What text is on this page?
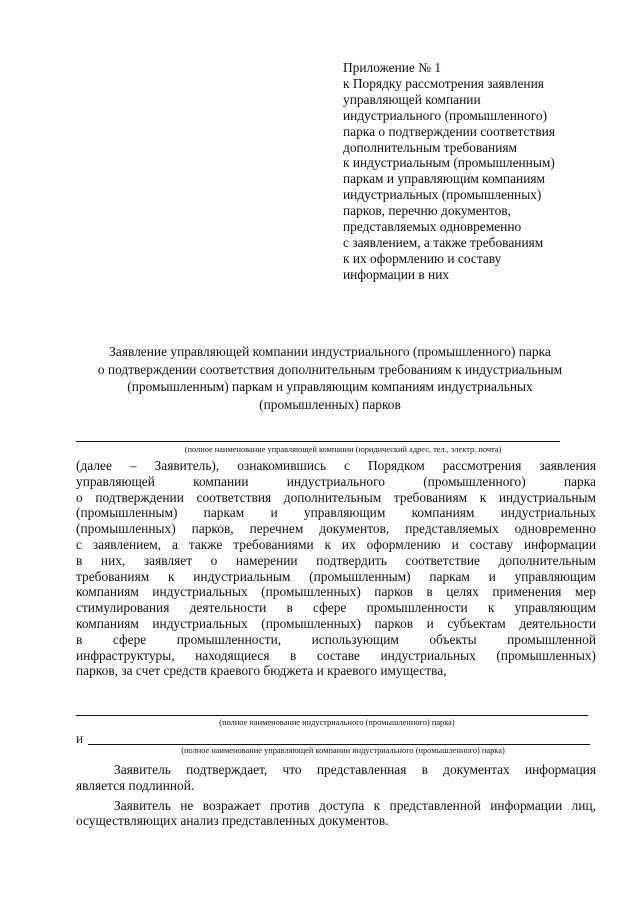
Приложение № 1
к Порядку рассмотрения заявления
управляющей компании
индустриального (промышленного)
парка о подтверждении соответствия
дополнительным требованиям
к индустриальным (промышленным)
паркам и управляющим компаниям
индустриальных (промышленных)
парков, перечню документов,
представляемых одновременно
с заявлением, а также требованиям
к их оформлению и составу
информации в них
Заявление управляющей компании индустриального (промышленного) парка
о подтверждении соответствия дополнительным требованиям к индустриальным
(промышленным) паркам и управляющим компаниям индустриальных
(промышленных) парков
(полное наименование управляющей компании (юридический адрес, тел., электр. почта)
(далее – Заявитель), ознакомившись с Порядком рассмотрения заявления
управляющей компании индустриального (промышленного) парка
о подтверждении соответствия дополнительным требованиям к индустриальным
(промышленным) паркам и управляющим компаниям индустриальных
(промышленных) парков, перечнем документов, представляемых одновременно
с заявлением, а также требованиями к их оформлению и составу информации
в них, заявляет о намерении подтвердить соответствие дополнительным
требованиям к индустриальным (промышленным) паркам и управляющим
компаниям индустриальных (промышленных) парков в целях применения мер
стимулирования деятельности в сфере промышленности к управляющим
компаниям индустриальных (промышленных) парков и субъектам деятельности
в сфере промышленности, использующим объекты промышленной
инфраструктуры, находящиеся в составе индустриальных (промышленных)
парков, за счет средств краевого бюджета и краевого имущества,
(полное наименование индустриального (промышленного) парка)
и
(полное наименование управляющей компании индустриального (промышленного) парка)
Заявитель подтверждает, что представленная в документах информация
является подлинной.
Заявитель не возражает против доступа к представленной информации лиц,
осуществляющих анализ представленных документов.
